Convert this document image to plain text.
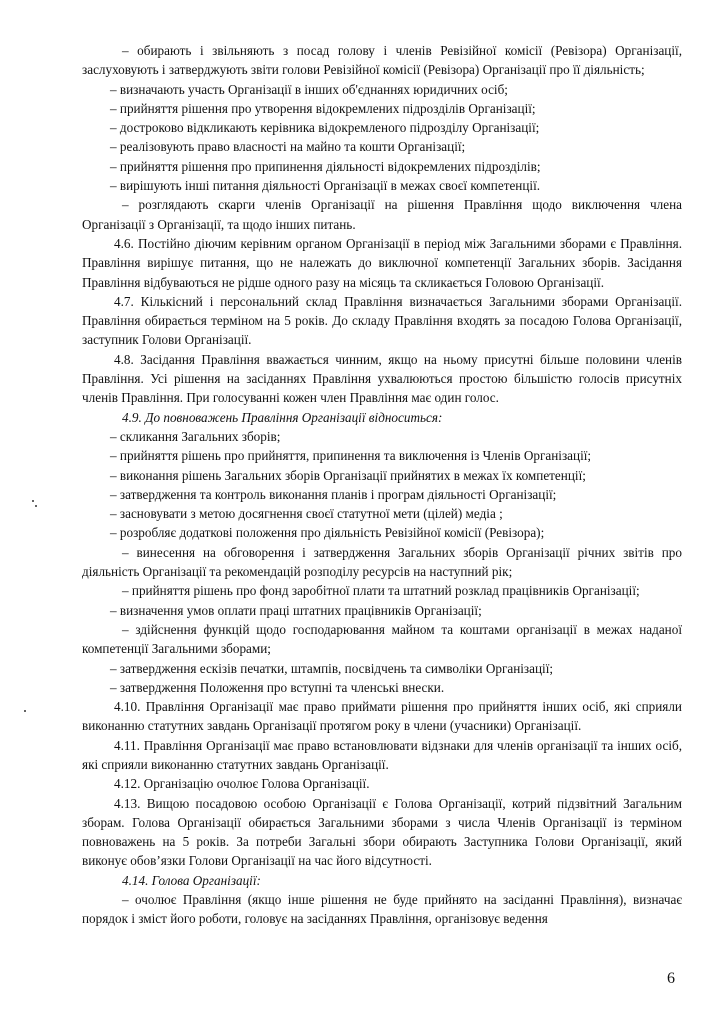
– обирають і звільняють з посад голову і членів Ревізійної комісії (Ревізора) Організації, заслуховують і затверджують звіти голови Ревізійної комісії (Ревізора) Організації про її діяльність;

– визначають участь Організації в інших об'єднаннях юридичних осіб;

– прийняття рішення про утворення відокремлених підрозділів Організації;

– достроково відкликають керівника відокремленого підрозділу Організації;

– реалізовують право власності на майно та кошти Організації;

– прийняття рішення про припинення діяльності відокремлених підрозділів;

– вирішують інші питання діяльності Організації в межах своєї компетенції.

– розглядають скарги членів Організації на рішення Правління щодо виключення члена Організації з Організації, та щодо інших питань.

4.6. Постійно діючим керівним органом Організації в період між Загальними зборами є Правління. Правління вирішує питання, що не належать до виключної компетенції Загальних зборів. Засідання Правління відбуваються не рідше одного разу на місяць та скликається Головою Організації.

4.7. Кількісний і персональний склад Правління визначається Загальними зборами Організації. Правління обирається терміном на 5 років. До складу Правління входять за посадою Голова Організації, заступник Голови Організації.

4.8. Засідання Правління вважається чинним, якщо на ньому присутні більше половини членів Правління. Усі рішення на засіданнях Правління ухвалюються простою більшістю голосів присутніх членів Правління. При голосуванні кожен член Правління має один голос.

4.9. До повноважень Правління Організації відноситься:

– скликання Загальних зборів;

– прийняття рішень про прийняття, припинення та виключення із Членів Організації;

– виконання рішень Загальних зборів Організації прийнятих в межах їх компетенції;

– затвердження та контроль виконання планів і програм діяльності Організації;

– засновувати з метою досягнення своєї статутної мети (цілей) медіа ;

– розробляє додаткові положення про діяльність Ревізійної комісії (Ревізора);

– винесення на обговорення і затвердження Загальних зборів Організації річних звітів про діяльність Організації та рекомендацій розподілу ресурсів на наступний рік;

– прийняття рішень про фонд заробітної плати та штатний розклад працівників Організації;

– визначення умов оплати праці штатних працівників Організації;

– здійснення функцій щодо господарювання майном та коштами організації в межах наданої компетенції Загальними зборами;

– затвердження ескізів печатки, штампів, посвідчень та символіки Організації;

– затвердження Положення про вступні та членські внески.

4.10. Правління Організації має право приймати рішення про прийняття інших осіб, які сприяли виконанню статутних завдань Організації протягом року в члени (учасники) Організації.

4.11. Правління Організації має право встановлювати відзнаки для членів організації та інших осіб, які сприяли виконанню статутних завдань Організації.

4.12. Організацію очолює Голова Організації.

4.13. Вищою посадовою особою Організації є Голова Організації, котрий підзвітний Загальним зборам. Голова Організації обирається Загальними зборами з числа Членів Організації із терміном повноважень на 5 років. За потреби Загальні збори обирають Заступника Голови Організації, який виконує обов’язки Голови Організації на час його відсутності.

4.14. Голова Організації:

– очолює Правління (якщо інше рішення не буде прийнято на засіданні Правління), визначає порядок і зміст його роботи, головує на засіданнях Правління, організовує ведення

6
